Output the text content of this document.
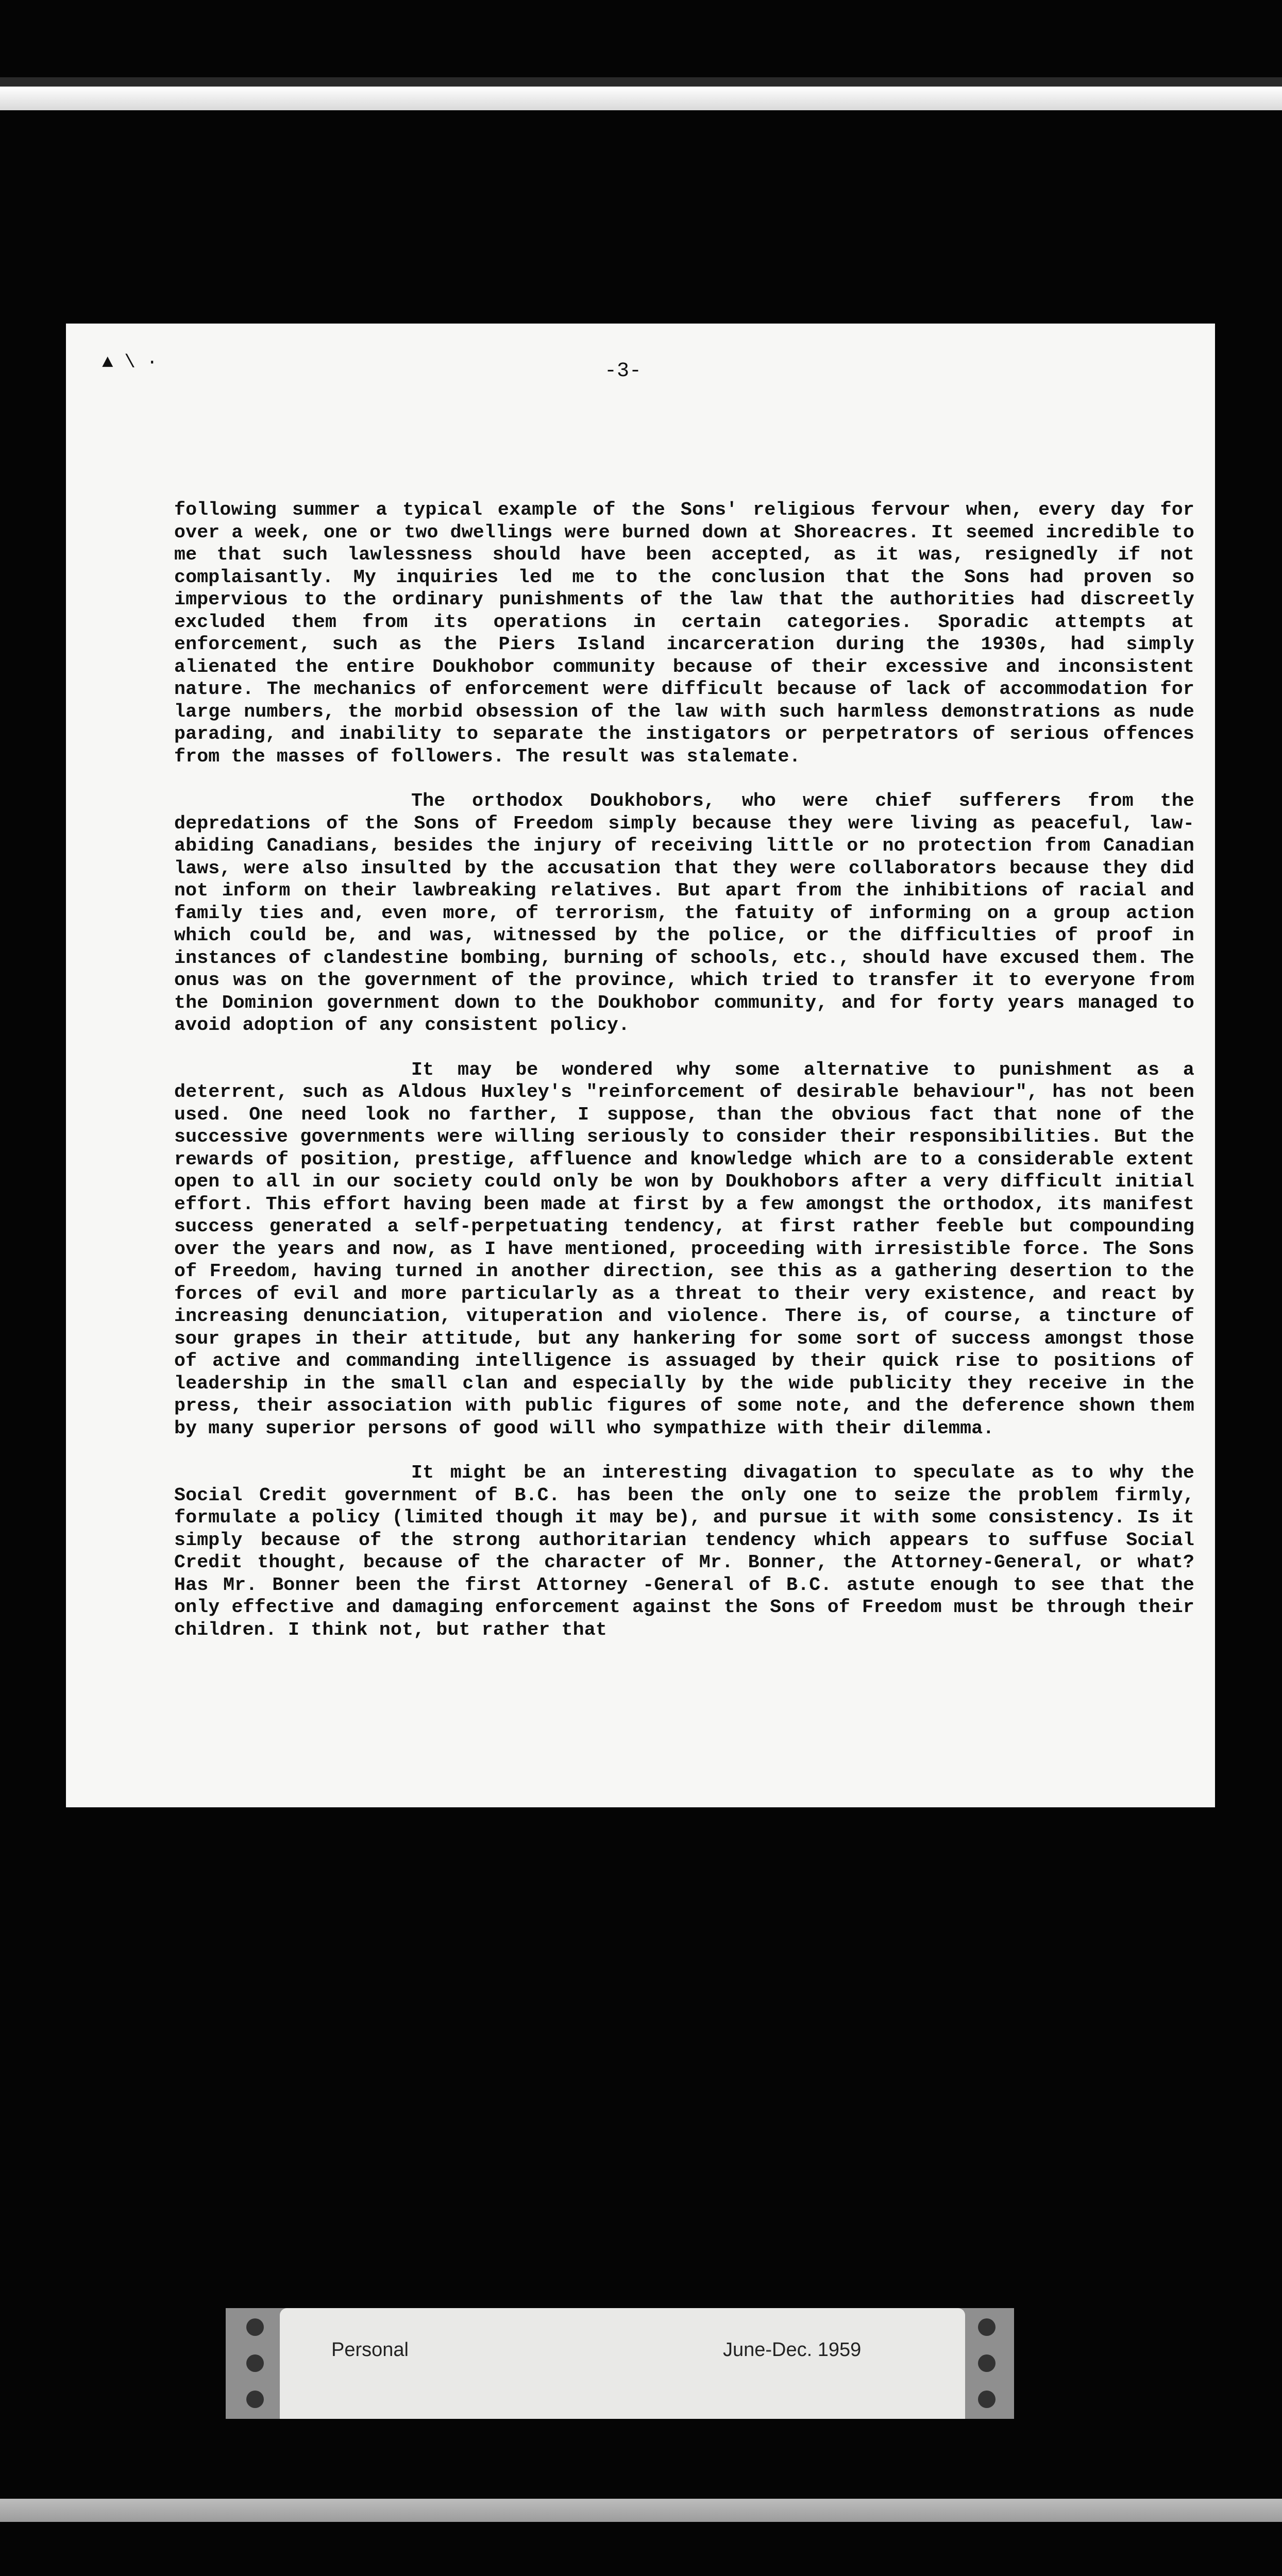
▲ \ ·	-3-

following summer a typical example of the Sons' religious fervour when, every day for over a week, one or two dwellings were burned down at Shoreacres. It seemed incredible to me that such lawlessness should have been accepted, as it was, resignedly if not complaisantly. My inquiries led me to the conclusion that the Sons had proven so impervious to the ordinary punishments of the law that the authorities had discreetly excluded them from its operations in certain categories. Sporadic attempts at enforcement, such as the Piers Island incarceration during the 1930s, had simply alienated the entire Doukhobor community because of their excessive and inconsistent nature. The mechanics of enforcement were difficult because of lack of accommodation for large numbers, the morbid obsession of the law with such harmless demonstrations as nude parading, and inability to separate the instigators or perpetrators of serious offences from the masses of followers. The result was stalemate.

The orthodox Doukhobors, who were chief sufferers from the depredations of the Sons of Freedom simply because they were living as peaceful, law-abiding Canadians, besides the injury of receiving little or no protection from Canadian laws, were also insulted by the accusation that they were collaborators because they did not inform on their lawbreaking relatives. But apart from the inhibitions of racial and family ties and, even more, of terrorism, the fatuity of informing on a group action which could be, and was, witnessed by the police, or the difficulties of proof in instances of clandestine bombing, burning of schools, etc., should have excused them. The onus was on the government of the province, which tried to transfer it to everyone from the Dominion government down to the Doukhobor community, and for forty years managed to avoid adoption of any consistent policy.

It may be wondered why some alternative to punishment as a deterrent, such as Aldous Huxley's "reinforcement of desirable behaviour", has not been used. One need look no farther, I suppose, than the obvious fact that none of the successive governments were willing seriously to consider their responsibilities. But the rewards of position, prestige, affluence and knowledge which are to a considerable extent open to all in our society could only be won by Doukhobors after a very difficult initial effort. This effort having been made at first by a few amongst the orthodox, its manifest success generated a self-perpetuating tendency, at first rather feeble but compounding over the years and now, as I have mentioned, proceeding with irresistible force. The Sons of Freedom, having turned in another direction, see this as a gathering desertion to the forces of evil and more particularly as a threat to their very existence, and react by increasing denunciation, vituperation and violence. There is, of course, a tincture of sour grapes in their attitude, but any hankering for some sort of success amongst those of active and commanding intelligence is assuaged by their quick rise to positions of leadership in the small clan and especially by the wide publicity they receive in the press, their association with public figures of some note, and the deference shown them by many superior persons of good will who sympathize with their dilemma.

It might be an interesting divagation to speculate as to why the Social Credit government of B.C. has been the only one to seize the problem firmly, formulate a policy (limited though it may be), and pursue it with some consistency. Is it simply because of the strong authoritarian tendency which appears to suffuse Social Credit thought, because of the character of Mr. Bonner, the Attorney-General, or what? Has Mr. Bonner been the first Attorney -General of B.C. astute enough to see that the only effective and damaging enforcement against the Sons of Freedom must be through their children. I think not, but rather that

Personal	June-Dec. 1959
